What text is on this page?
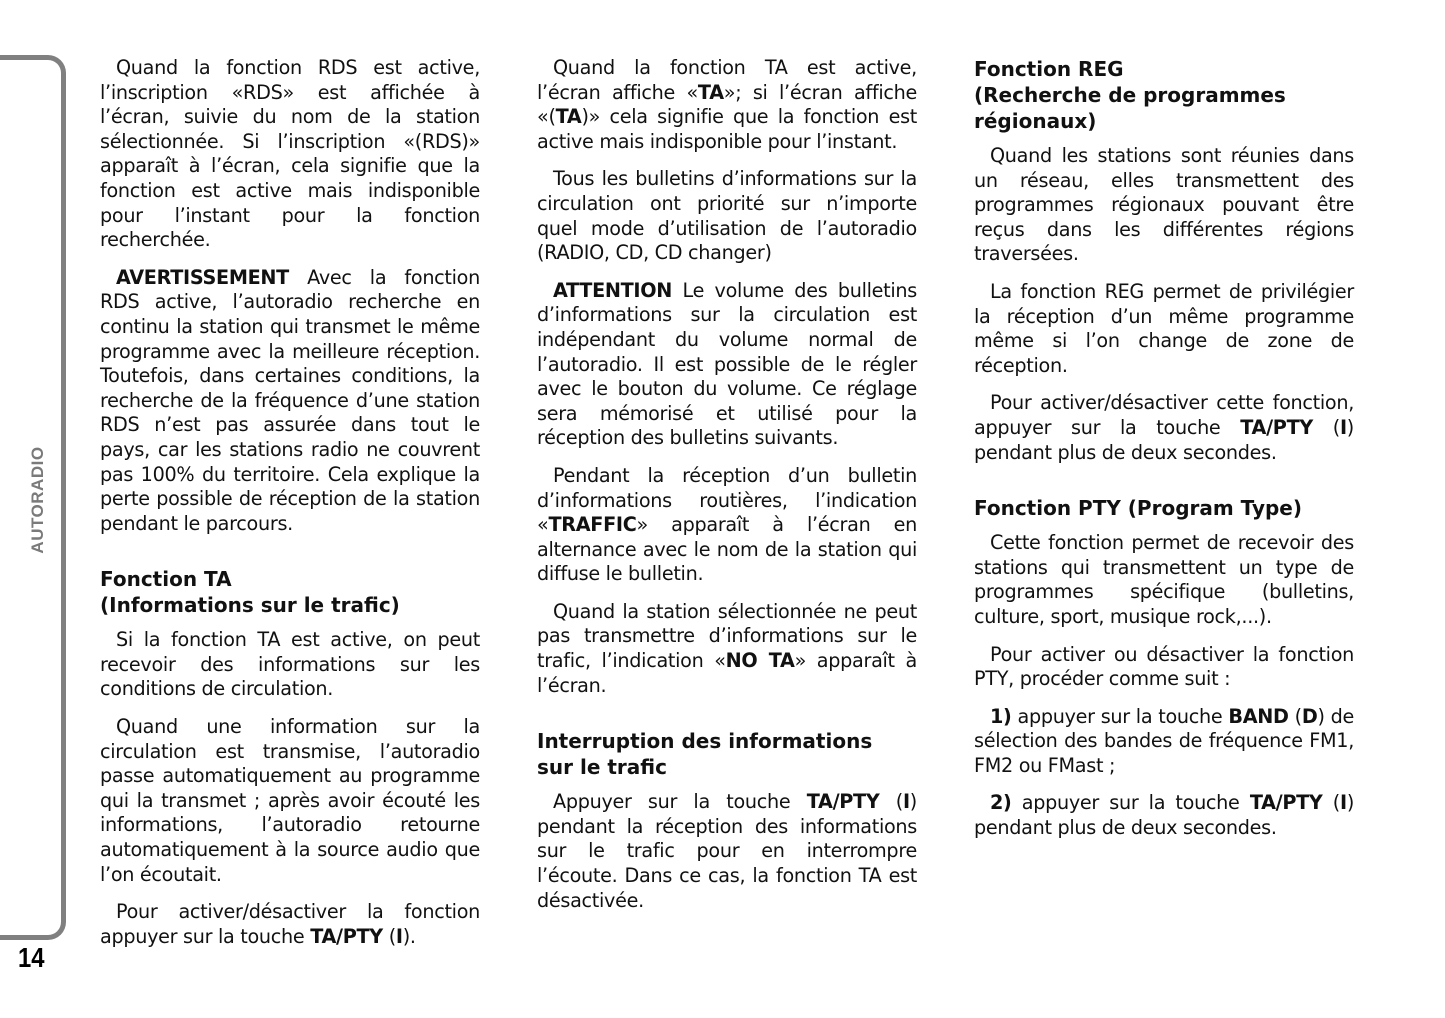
AUTORADIO
14

Quand la fonction RDS est active, l’inscription «RDS» est affichée à l’écran, suivie du nom de la station sélectionnée. Si l’inscription «(RDS)» apparaît à l’écran, cela signifie que la fonction est active mais indisponible pour l’instant pour la fonction recherchée.

AVERTISSEMENT Avec la fonction RDS active, l’autoradio recherche en continu la station qui transmet le même programme avec la meilleure réception. Toutefois, dans certaines conditions, la recherche de la fréquence d’une station RDS n’est pas assurée dans tout le pays, car les stations radio ne couvrent pas 100% du territoire. Cela explique la perte possible de réception de la station pendant le parcours.

Fonction TA
(Informations sur le trafic)

Si la fonction TA est active, on peut recevoir des informations sur les conditions de circulation.

Quand une information sur la circulation est transmise, l’autoradio passe automatiquement au programme qui la transmet ; après avoir écouté les informations, l’autoradio retourne automatiquement à la source audio que l’on écoutait.

Pour activer/désactiver la fonction appuyer sur la touche TA/PTY (I).

Quand la fonction TA est active, l’écran affiche «TA»; si l’écran affiche «(TA)» cela signifie que la fonction est active mais indisponible pour l’instant.

Tous les bulletins d’informations sur la circulation ont priorité sur n’importe quel mode d’utilisation de l’autoradio (RADIO, CD, CD changer)

ATTENTION Le volume des bulletins d’informations sur la circulation est indépendant du volume normal de l’autoradio. Il est possible de le régler avec le bouton du volume. Ce réglage sera mémorisé et utilisé pour la réception des bulletins suivants.

Pendant la réception d’un bulletin d’informations routières, l’indication «TRAFFIC» apparaît à l’écran en alternance avec le nom de la station qui diffuse le bulletin.

Quand la station sélectionnée ne peut pas transmettre d’informations sur le trafic, l’indication «NO TA» apparaît à l’écran.

Interruption des informations
sur le trafic

Appuyer sur la touche TA/PTY (I) pendant la réception des informations sur le trafic pour en interrompre l’écoute. Dans ce cas, la fonction TA est désactivée.

Fonction REG
(Recherche de programmes
régionaux)

Quand les stations sont réunies dans un réseau, elles transmettent des programmes régionaux pouvant être reçus dans les différentes régions traversées.

La fonction REG permet de privilégier la réception d’un même programme même si l’on change de zone de réception.

Pour activer/désactiver cette fonction, appuyer sur la touche TA/PTY (I) pendant plus de deux secondes.

Fonction PTY (Program Type)

Cette fonction permet de recevoir des stations qui transmettent un type de programmes spécifique (bulletins, culture, sport, musique rock,...).

Pour activer ou désactiver la fonction PTY, procéder comme suit :

1) appuyer sur la touche BAND (D) de sélection des bandes de fréquence FM1, FM2 ou FMast ;

2) appuyer sur la touche TA/PTY (I) pendant plus de deux secondes.
